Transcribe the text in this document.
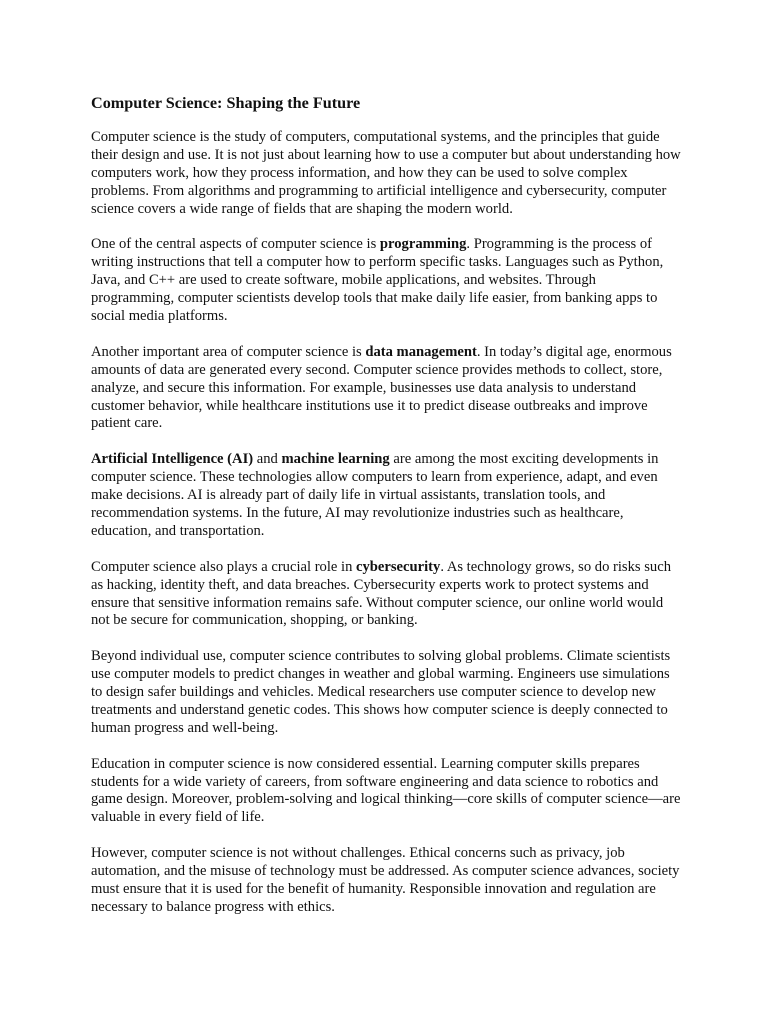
Computer Science: Shaping the Future

Computer science is the study of computers, computational systems, and the principles that guide their design and use. It is not just about learning how to use a computer but about understanding how computers work, how they process information, and how they can be used to solve complex problems. From algorithms and programming to artificial intelligence and cybersecurity, computer science covers a wide range of fields that are shaping the modern world.

One of the central aspects of computer science is programming. Programming is the process of writing instructions that tell a computer how to perform specific tasks. Languages such as Python, Java, and C++ are used to create software, mobile applications, and websites. Through programming, computer scientists develop tools that make daily life easier, from banking apps to social media platforms.

Another important area of computer science is data management. In today’s digital age, enormous amounts of data are generated every second. Computer science provides methods to collect, store, analyze, and secure this information. For example, businesses use data analysis to understand customer behavior, while healthcare institutions use it to predict disease outbreaks and improve patient care.

Artificial Intelligence (AI) and machine learning are among the most exciting developments in computer science. These technologies allow computers to learn from experience, adapt, and even make decisions. AI is already part of daily life in virtual assistants, translation tools, and recommendation systems. In the future, AI may revolutionize industries such as healthcare, education, and transportation.

Computer science also plays a crucial role in cybersecurity. As technology grows, so do risks such as hacking, identity theft, and data breaches. Cybersecurity experts work to protect systems and ensure that sensitive information remains safe. Without computer science, our online world would not be secure for communication, shopping, or banking.

Beyond individual use, computer science contributes to solving global problems. Climate scientists use computer models to predict changes in weather and global warming. Engineers use simulations to design safer buildings and vehicles. Medical researchers use computer science to develop new treatments and understand genetic codes. This shows how computer science is deeply connected to human progress and well-being.

Education in computer science is now considered essential. Learning computer skills prepares students for a wide variety of careers, from software engineering and data science to robotics and game design. Moreover, problem-solving and logical thinking—core skills of computer science—are valuable in every field of life.

However, computer science is not without challenges. Ethical concerns such as privacy, job automation, and the misuse of technology must be addressed. As computer science advances, society must ensure that it is used for the benefit of humanity. Responsible innovation and regulation are necessary to balance progress with ethics.
